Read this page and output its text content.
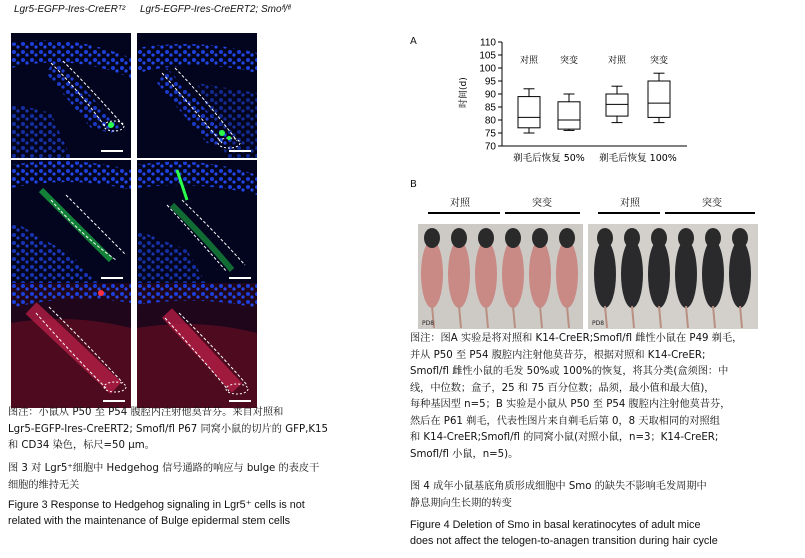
Lgr5-EGFP-Ires-CreERᵀ² Lgr5-EGFP-Ires-CreERT2; Smoᶠˡ/ᶠˡ
图注：小鼠从 P50 至 P54 腹腔内注射他莫昔芬。来自对照和
Lgr5-EGFP-Ires-CreERT2; Smofl/fl P67 同窝小鼠的切片的 GFP,K15
和 CD34 染色，标尺=50 μm。
图 3 对 Lgr5⁺细胞中 Hedgehog 信号通路的响应与 bulge 的表皮干
细胞的维持无关
Figure 3 Response to Hedgehog signaling in Lgr5⁺ cells is not
related with the maintenance of Bulge epidermal stem cells
A
70
75
80
85
90
95
100
105
110
时间(d)
对照 突变	对照	突变
剃毛后恢复 50% 剃毛后恢复 100%
B
PD8	PD8
对照	突变	对照	突变
图注：图A 实验是将对照和 K14-CreER;Smofl/fl 雌性小鼠在 P49 剃毛，
并从 P50 至 P54 腹腔内注射他莫昔芬，根据对照和 K14-CreER;
Smofl/fl 雌性小鼠的毛发 50%或 100%的恢复，将其分类(盒须图：中
线，中位数；盒子，25 和 75 百分位数；晶须，最小值和最大值)，
每种基因型 n=5；B 实验是小鼠从 P50 至 P54 腹腔内注射他莫昔芬，
然后在 P61 剃毛，代表性图片来自剃毛后第 0，8 天取相同的对照组
和 K14-CreER;Smofl/fl 的同窝小鼠(对照小鼠，n=3；K14-CreER;
Smofl/fl 小鼠，n=5)。
图 4 成年小鼠基底角质形成细胞中 Smo 的缺失不影响毛发周期中
静息期向生长期的转变
Figure 4 Deletion of Smo in basal keratinocytes of adult mice
does not affect the telogen-to-anagen transition during hair cycle
